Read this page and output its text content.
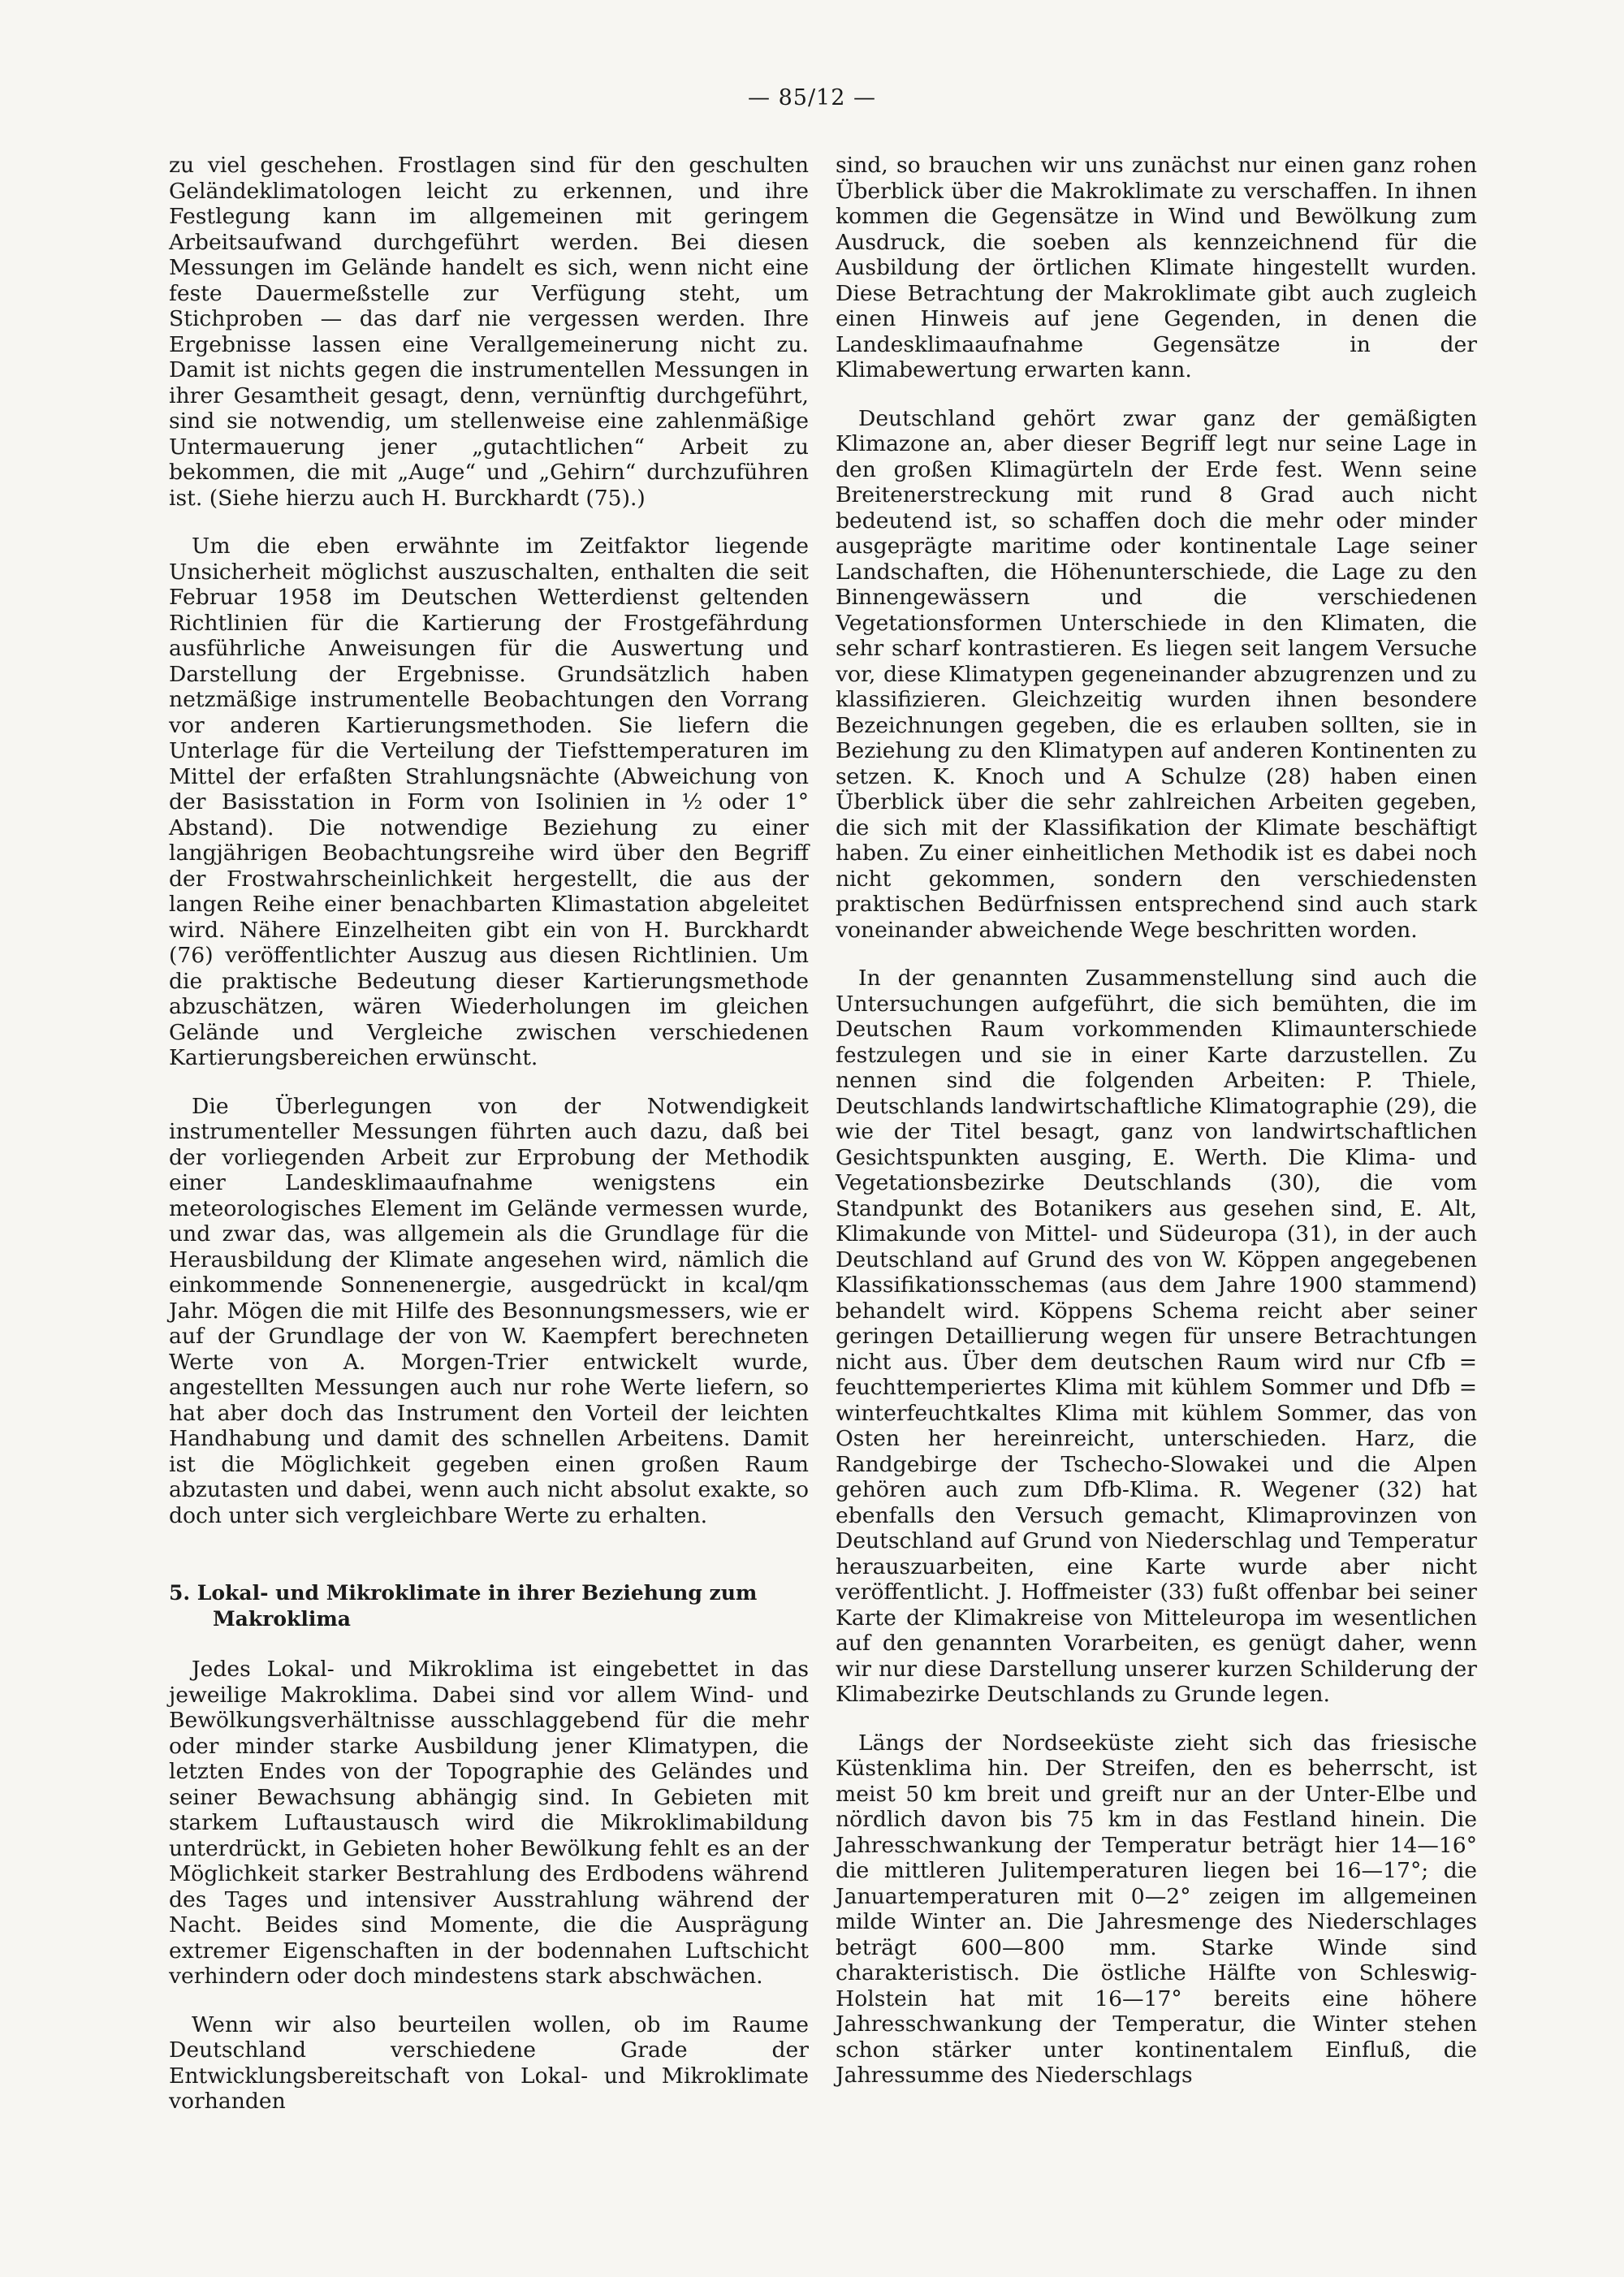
— 85/12 —

zu viel geschehen. Frostlagen sind für den geschulten Geländeklimatologen leicht zu erkennen, und ihre Festlegung kann im allgemeinen mit geringem Arbeitsaufwand durchgeführt werden. Bei diesen Messungen im Gelände handelt es sich, wenn nicht eine feste Dauermeßstelle zur Verfügung steht, um Stichproben — das darf nie vergessen werden. Ihre Ergebnisse lassen eine Verallgemeinerung nicht zu. Damit ist nichts gegen die instrumentellen Messungen in ihrer Gesamtheit gesagt, denn, vernünftig durchgeführt, sind sie notwendig, um stellenweise eine zahlenmäßige Untermauerung jener „gutachtlichen“ Arbeit zu bekommen, die mit „Auge“ und „Gehirn“ durchzuführen ist. (Siehe hierzu auch H. Burckhardt (75).)

Um die eben erwähnte im Zeitfaktor liegende Unsicherheit möglichst auszuschalten, enthalten die seit Februar 1958 im Deutschen Wetterdienst geltenden Richtlinien für die Kartierung der Frostgefährdung ausführliche Anweisungen für die Auswertung und Darstellung der Ergebnisse. Grundsätzlich haben netzmäßige instrumentelle Beobachtungen den Vorrang vor anderen Kartierungsmethoden. Sie liefern die Unterlage für die Verteilung der Tiefsttemperaturen im Mittel der erfaßten Strahlungsnächte (Abweichung von der Basisstation in Form von Isolinien in ½ oder 1° Abstand). Die notwendige Beziehung zu einer langjährigen Beobachtungsreihe wird über den Begriff der Frostwahrscheinlichkeit hergestellt, die aus der langen Reihe einer benachbarten Klimastation abgeleitet wird. Nähere Einzelheiten gibt ein von H. Burckhardt (76) veröffentlichter Auszug aus diesen Richtlinien. Um die praktische Bedeutung dieser Kartierungsmethode abzuschätzen, wären Wiederholungen im gleichen Gelände und Vergleiche zwischen verschiedenen Kartierungsbereichen erwünscht.

Die Überlegungen von der Notwendigkeit instrumenteller Messungen führten auch dazu, daß bei der vorliegenden Arbeit zur Erprobung der Methodik einer Landesklimaaufnahme wenigstens ein meteorologisches Element im Gelände vermessen wurde, und zwar das, was allgemein als die Grundlage für die Herausbildung der Klimate angesehen wird, nämlich die einkommende Sonnenenergie, ausgedrückt in kcal/qm Jahr. Mögen die mit Hilfe des Besonnungsmessers, wie er auf der Grundlage der von W. Kaempfert berechneten Werte von A. Morgen-Trier entwickelt wurde, angestellten Messungen auch nur rohe Werte liefern, so hat aber doch das Instrument den Vorteil der leichten Handhabung und damit des schnellen Arbeitens. Damit ist die Möglichkeit gegeben einen großen Raum abzutasten und dabei, wenn auch nicht absolut exakte, so doch unter sich vergleichbare Werte zu erhalten.

5. Lokal- und Mikroklimate in ihrer Beziehung zum Makroklima

Jedes Lokal- und Mikroklima ist eingebettet in das jeweilige Makroklima. Dabei sind vor allem Wind- und Bewölkungsverhältnisse ausschlaggebend für die mehr oder minder starke Ausbildung jener Klimatypen, die letzten Endes von der Topographie des Geländes und seiner Bewachsung abhängig sind. In Gebieten mit starkem Luftaustausch wird die Mikroklimabildung unterdrückt, in Gebieten hoher Bewölkung fehlt es an der Möglichkeit starker Bestrahlung des Erdbodens während des Tages und intensiver Ausstrahlung während der Nacht. Beides sind Momente, die die Ausprägung extremer Eigenschaften in der bodennahen Luftschicht verhindern oder doch mindestens stark abschwächen.

Wenn wir also beurteilen wollen, ob im Raume Deutschland verschiedene Grade der Entwicklungsbereitschaft von Lokal- und Mikroklimate vorhanden

sind, so brauchen wir uns zunächst nur einen ganz rohen Überblick über die Makroklimate zu verschaffen. In ihnen kommen die Gegensätze in Wind und Bewölkung zum Ausdruck, die soeben als kennzeichnend für die Ausbildung der örtlichen Klimate hingestellt wurden. Diese Betrachtung der Makroklimate gibt auch zugleich einen Hinweis auf jene Gegenden, in denen die Landesklimaaufnahme Gegensätze in der Klimabewertung erwarten kann.

Deutschland gehört zwar ganz der gemäßigten Klimazone an, aber dieser Begriff legt nur seine Lage in den großen Klimagürteln der Erde fest. Wenn seine Breitenerstreckung mit rund 8 Grad auch nicht bedeutend ist, so schaffen doch die mehr oder minder ausgeprägte maritime oder kontinentale Lage seiner Landschaften, die Höhenunterschiede, die Lage zu den Binnengewässern und die verschiedenen Vegetationsformen Unterschiede in den Klimaten, die sehr scharf kontrastieren. Es liegen seit langem Versuche vor, diese Klimatypen gegeneinander abzugrenzen und zu klassifizieren. Gleichzeitig wurden ihnen besondere Bezeichnungen gegeben, die es erlauben sollten, sie in Beziehung zu den Klimatypen auf anderen Kontinenten zu setzen. K. Knoch und A Schulze (28) haben einen Überblick über die sehr zahlreichen Arbeiten gegeben, die sich mit der Klassifikation der Klimate beschäftigt haben. Zu einer einheitlichen Methodik ist es dabei noch nicht gekommen, sondern den verschiedensten praktischen Bedürfnissen entsprechend sind auch stark voneinander abweichende Wege beschritten worden.

In der genannten Zusammenstellung sind auch die Untersuchungen aufgeführt, die sich bemühten, die im Deutschen Raum vorkommenden Klimaunterschiede festzulegen und sie in einer Karte darzustellen. Zu nennen sind die folgenden Arbeiten: P. Thiele, Deutschlands landwirtschaftliche Klimatographie (29), die wie der Titel besagt, ganz von landwirtschaftlichen Gesichtspunkten ausging, E. Werth. Die Klima- und Vegetationsbezirke Deutschlands (30), die vom Standpunkt des Botanikers aus gesehen sind, E. Alt, Klimakunde von Mittel- und Südeuropa (31), in der auch Deutschland auf Grund des von W. Köppen angegebenen Klassifikationsschemas (aus dem Jahre 1900 stammend) behandelt wird. Köppens Schema reicht aber seiner geringen Detaillierung wegen für unsere Betrachtungen nicht aus. Über dem deutschen Raum wird nur Cfb = feuchttemperiertes Klima mit kühlem Sommer und Dfb = winterfeuchtkaltes Klima mit kühlem Sommer, das von Osten her hereinreicht, unterschieden. Harz, die Randgebirge der Tschecho-Slowakei und die Alpen gehören auch zum Dfb-Klima. R. Wegener (32) hat ebenfalls den Versuch gemacht, Klimaprovinzen von Deutschland auf Grund von Niederschlag und Temperatur herauszuarbeiten, eine Karte wurde aber nicht veröffentlicht. J. Hoffmeister (33) fußt offenbar bei seiner Karte der Klimakreise von Mitteleuropa im wesentlichen auf den genannten Vorarbeiten, es genügt daher, wenn wir nur diese Darstellung unserer kurzen Schilderung der Klimabezirke Deutschlands zu Grunde legen.

Längs der Nordseeküste zieht sich das friesische Küstenklima hin. Der Streifen, den es beherrscht, ist meist 50 km breit und greift nur an der Unter-Elbe und nördlich davon bis 75 km in das Festland hinein. Die Jahresschwankung der Temperatur beträgt hier 14—16° die mittleren Julitemperaturen liegen bei 16—17°; die Januartemperaturen mit 0—2° zeigen im allgemeinen milde Winter an. Die Jahresmenge des Niederschlages beträgt 600—800 mm. Starke Winde sind charakteristisch. Die östliche Hälfte von Schleswig-Holstein hat mit 16—17° bereits eine höhere Jahresschwankung der Temperatur, die Winter stehen schon stärker unter kontinentalem Einfluß, die Jahressumme des Niederschlags
